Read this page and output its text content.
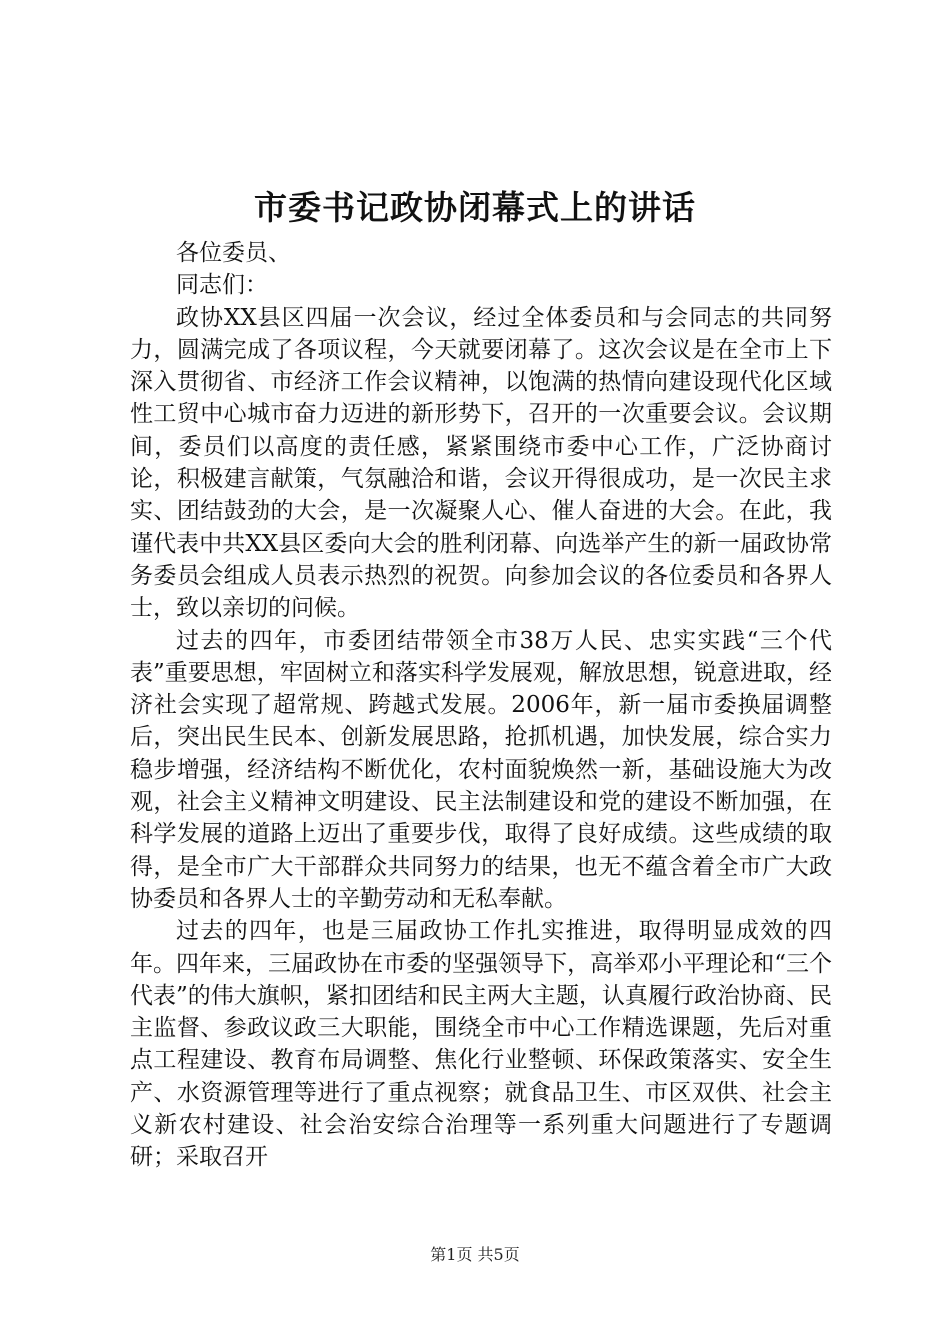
市委书记政协闭幕式上的讲话

各位委员、

同志们：

政协XX县区四届一次会议，经过全体委员和与会同志的共同努力，圆满完成了各项议程，今天就要闭幕了。这次会议是在全市上下深入贯彻省、市经济工作会议精神，以饱满的热情向建设现代化区域性工贸中心城市奋力迈进的新形势下，召开的一次重要会议。会议期间，委员们以高度的责任感，紧紧围绕市委中心工作，广泛协商讨论，积极建言献策，气氛融洽和谐，会议开得很成功，是一次民主求实、团结鼓劲的大会，是一次凝聚人心、催人奋进的大会。在此，我谨代表中共XX县区委向大会的胜利闭幕、向选举产生的新一届政协常务委员会组成人员表示热烈的祝贺。向参加会议的各位委员和各界人士，致以亲切的问候。

过去的四年，市委团结带领全市38万人民、忠实实践“三个代表”重要思想，牢固树立和落实科学发展观，解放思想，锐意进取，经济社会实现了超常规、跨越式发展。2006年，新一届市委换届调整后，突出民生民本、创新发展思路，抢抓机遇，加快发展，综合实力稳步增强，经济结构不断优化，农村面貌焕然一新，基础设施大为改观，社会主义精神文明建设、民主法制建设和党的建设不断加强，在科学发展的道路上迈出了重要步伐，取得了良好成绩。这些成绩的取得，是全市广大干部群众共同努力的结果，也无不蕴含着全市广大政协委员和各界人士的辛勤劳动和无私奉献。

过去的四年，也是三届政协工作扎实推进，取得明显成效的四年。四年来，三届政协在市委的坚强领导下，高举邓小平理论和“三个代表”的伟大旗帜，紧扣团结和民主两大主题，认真履行政治协商、民主监督、参政议政三大职能，围绕全市中心工作精选课题，先后对重点工程建设、教育布局调整、焦化行业整顿、环保政策落实、安全生产、水资源管理等进行了重点视察；就食品卫生、市区双供、社会主义新农村建设、社会治安综合治理等一系列重大问题进行了专题调研；采取召开

第1页 共5页
